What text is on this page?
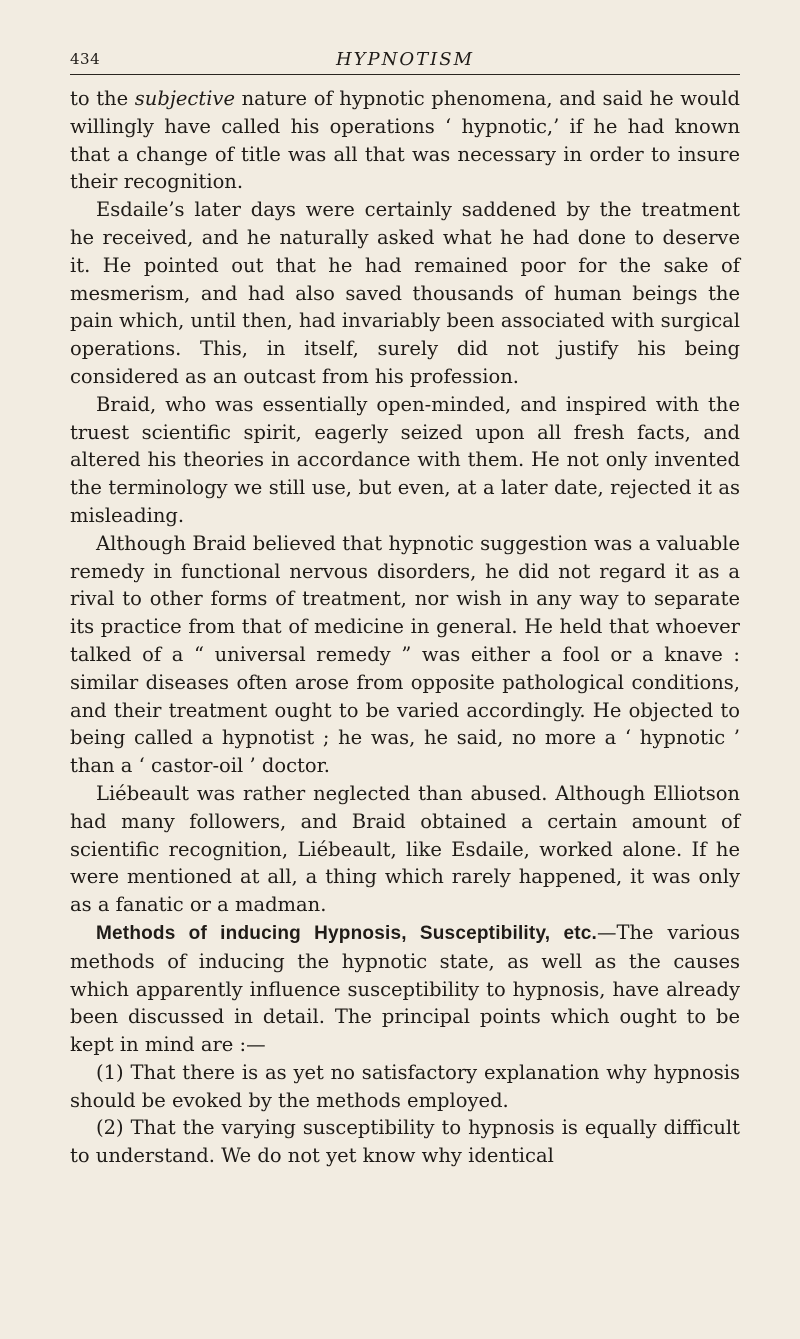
434	HYPNOTISM

to the subjective nature of hypnotic phenomena, and said he would willingly have called his operations ‘ hypnotic,’ if he had known that a change of title was all that was necessary in order to insure their recognition.

Esdaile’s later days were certainly saddened by the treatment he received, and he naturally asked what he had done to deserve it. He pointed out that he had remained poor for the sake of mesmerism, and had also saved thousands of human beings the pain which, until then, had invariably been associated with surgical operations. This, in itself, surely did not justify his being considered as an outcast from his profession.

Braid, who was essentially open-minded, and inspired with the truest scientific spirit, eagerly seized upon all fresh facts, and altered his theories in accordance with them. He not only invented the terminology we still use, but even, at a later date, rejected it as misleading.

Although Braid believed that hypnotic suggestion was a valuable remedy in functional nervous disorders, he did not regard it as a rival to other forms of treatment, nor wish in any way to separate its practice from that of medicine in general. He held that whoever talked of a “ universal remedy ” was either a fool or a knave : similar diseases often arose from opposite pathological conditions, and their treatment ought to be varied accordingly. He objected to being called a hypnotist ; he was, he said, no more a ‘ hypnotic ’ than a ‘ castor-oil ’ doctor.

Liébeault was rather neglected than abused. Although Elliotson had many followers, and Braid obtained a certain amount of scientific recognition, Liébeault, like Esdaile, worked alone. If he were mentioned at all, a thing which rarely happened, it was only as a fanatic or a madman.

Methods of inducing Hypnosis, Susceptibility, etc.—The various methods of inducing the hypnotic state, as well as the causes which apparently influence susceptibility to hypnosis, have already been discussed in detail. The principal points which ought to be kept in mind are :—

(1) That there is as yet no satisfactory explanation why hypnosis should be evoked by the methods employed.

(2) That the varying susceptibility to hypnosis is equally difficult to understand. We do not yet know why identical
